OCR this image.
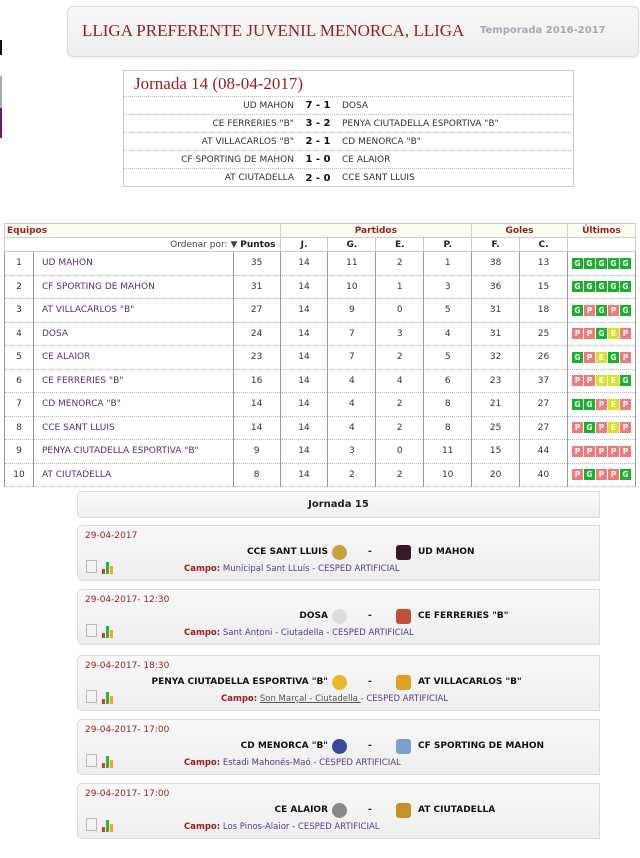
LLIGA PREFERENTE JUVENIL MENORCA, LLIGA Temporada 2016-2017
Jornada 14 (08-04-2017)
UD MAHON	7 - 1	DOSA
CE FERRERIES "B"	3 - 2	PENYA CIUTADELLA ESPORTIVA "B"
AT VILLACARLOS "B"	2 - 1	CD MENORCA "B"
CF SPORTING DE MAHON	1 - 0	CE ALAIOR
AT CIUTADELLA	2 - 0	CCE SANT LLUIS
Equipos			Partidos				Goles		Últimos
Ordenar por: ▼ Puntos			J.	G.	E.	P.	F.	C.	
1	UD MAHON	35	14	11	2	1	38	13	G G G G G
2	CF SPORTING DE MAHON	31	14	10	1	3	36	15	G G G G G
3	AT VILLACARLOS "B"	27	14	9	0	5	31	18	G P G P G
4	DOSA	24	14	7	3	4	31	25	P P G E P
5	CE ALAIOR	23	14	7	2	5	32	26	G P E G P
6	CE FERRERIES "B"	16	14	4	4	6	23	37	P P E E G
7	CD MENORCA "B"	14	14	4	2	8	21	27	G G P E P
8	CCE SANT LLUIS	14	14	4	2	8	25	27	P G P E P
9	PENYA CIUTADELLA ESPORTIVA "B"	9	14	3	0	11	15	44	P P P P P
10	AT CIUTADELLA	8	14	2	2	10	20	40	P G P P G
Jornada 15
29-04-2017
CCE SANT LLUIS	-	UD MAHON
Campo: Municipal Sant LLuís - CESPED ARTIFICIAL
29-04-2017- 12:30
DOSA	-	CE FERRERIES "B"
Campo: Sant Antoni - Ciutadella - CESPED ARTIFICIAL
29-04-2017- 18:30
PENYA CIUTADELLA ESPORTIVA "B"	-	AT VILLACARLOS "B"
Campo: Son Marçal - Ciutadella - CESPED ARTIFICIAL
29-04-2017- 17:00
CD MENORCA "B"	-	CF SPORTING DE MAHON
Campo: Estadi Mahonés-Maó - CESPED ARTIFICIAL
29-04-2017- 17:00
CE ALAIOR	-	AT CIUTADELLA
Campo: Los Pinos-Alaior - CESPED ARTIFICIAL
